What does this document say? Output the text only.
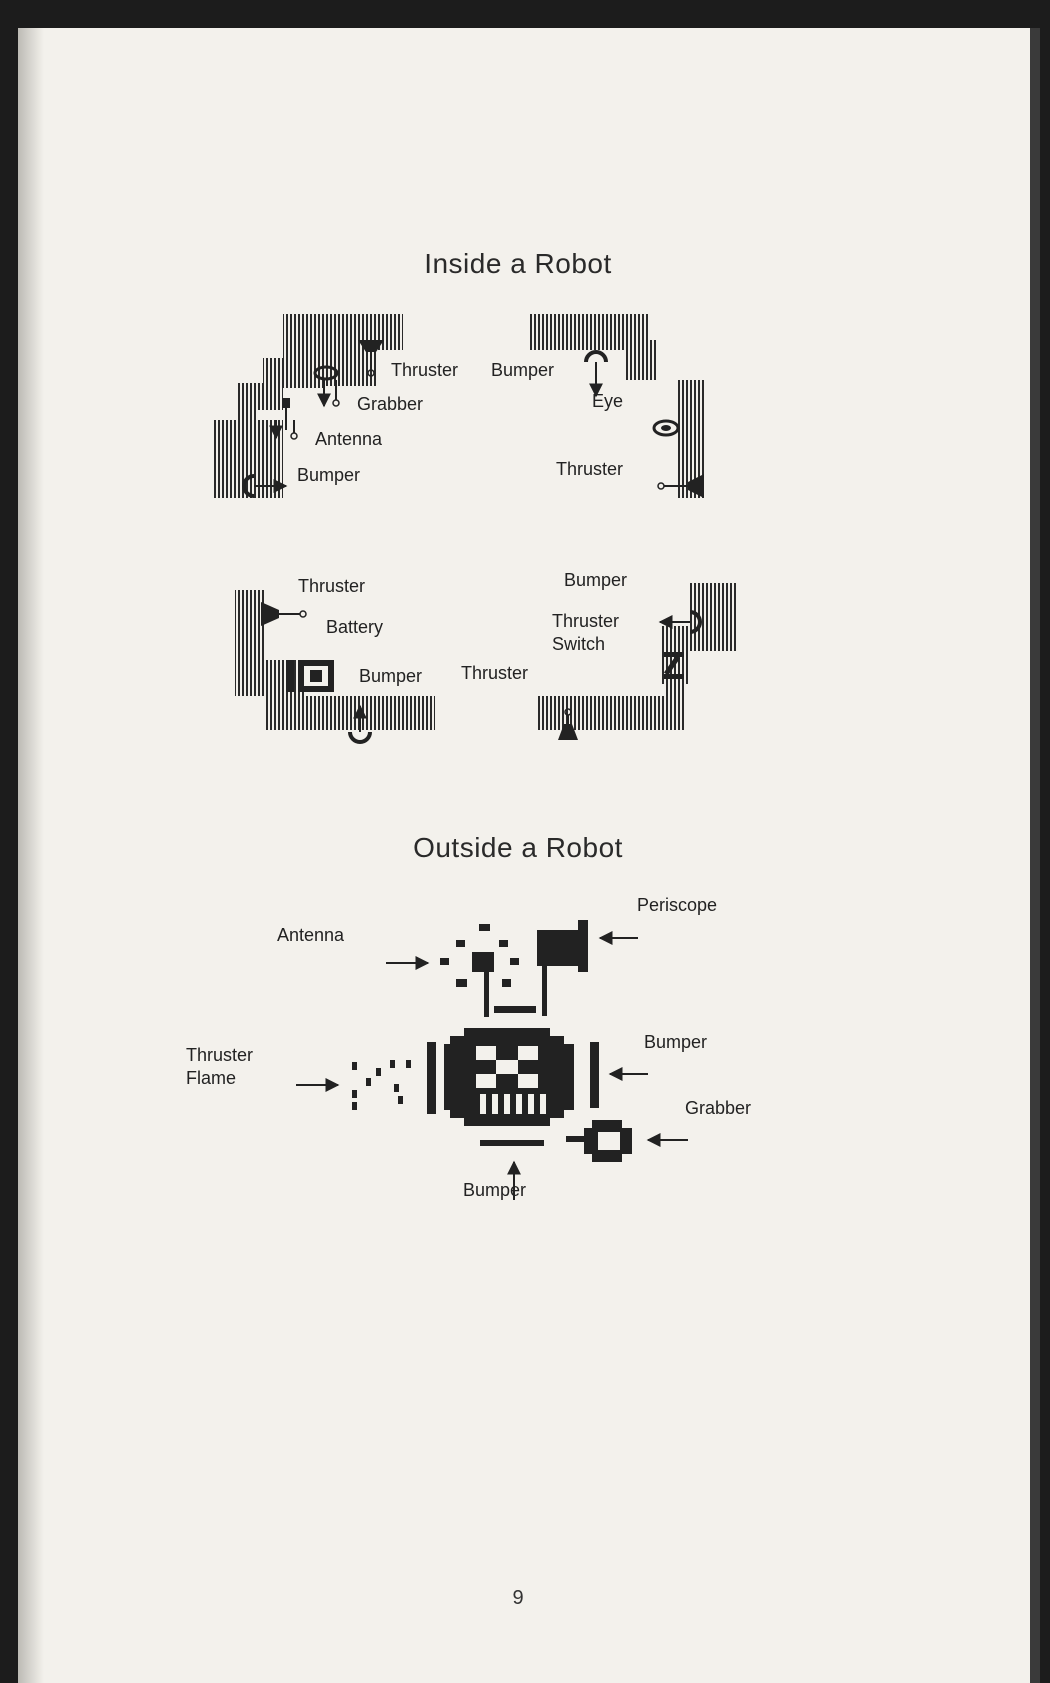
Inside a Robot
Outside a Robot
Thruster
Grabber
Antenna
Bumper
Bumper
Eye
Thruster
Thruster
Battery
Bumper
Bumper
Thruster
Switch
Thruster
Periscope
Antenna
Thruster
Flame
Bumper
Grabber
Bumper
9
